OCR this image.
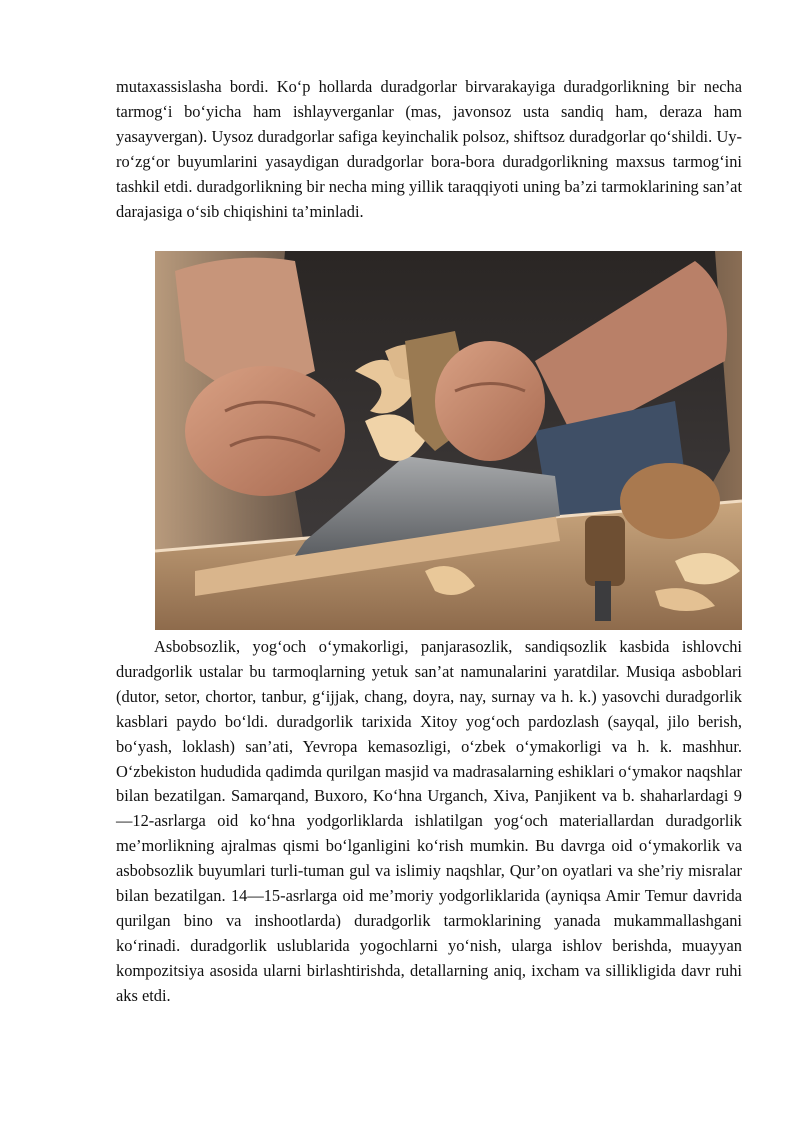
mutaxassislasha bordi. Ko‘p hollarda duradgorlar birvarakayiga duradgorlikning bir necha tarmog‘i bo‘yicha ham ishlayverganlar (mas, javonsoz usta sandiq ham, deraza ham yasayvergan). Uysoz duradgorlar safiga keyinchalik polsoz, shiftsoz duradgorlar qo‘shildi. Uy-ro‘zg‘or buyumlarini yasaydigan duradgorlar bora-bora duradgorlikning maxsus tarmog‘ini tashkil etdi. duradgorlikning bir necha ming yillik taraqqiyoti uning ba’zi tarmoklarining san’at darajasiga o‘sib chiqishini ta’minladi.

Asbobsozlik, yog‘och o‘ymakorligi, panjarasozlik, sandiqsozlik kasbida ishlovchi duradgorlik ustalar bu tarmoqlarning yetuk san’at namunalarini yaratdilar. Musiqa asboblari (dutor, setor, chortor, tanbur, g‘ijjak, chang, doyra, nay, surnay va h. k.) yasovchi duradgorlik kasblari paydo bo‘ldi. duradgorlik tarixida Xitoy yog‘och pardozlash (sayqal, jilo berish, bo‘yash, loklash) san’ati, Yevropa kemasozligi, o‘zbek o‘ymakorligi va h. k. mashhur. O‘zbekiston hududida qadimda qurilgan masjid va madrasalarning eshiklari o‘ymakor naqshlar bilan bezatilgan. Samarqand, Buxoro, Ko‘hna Urganch, Xiva, Panjikent va b. shaharlardagi 9—12-asrlarga oid ko‘hna yodgorliklarda ishlatilgan yog‘och materiallardan duradgorlik me’morlikning ajralmas qismi bo‘lganligini ko‘rish mumkin. Bu davrga oid o‘ymakorlik va asbobsozlik buyumlari turli-tuman gul va islimiy naqshlar, Qur’on oyatlari va she’riy misralar bilan bezatilgan. 14—15-asrlarga oid me’moriy yodgorliklarida (ayniqsa Amir Temur davrida qurilgan bino va inshootlarda) duradgorlik tarmoklarining yanada mukammallashgani ko‘rinadi. duradgorlik uslublarida yogochlarni yo‘nish, ularga ishlov berishda, muayyan kompozitsiya asosida ularni birlashtirishda, detallarning aniq, ixcham va sillikligida davr ruhi aks etdi.
